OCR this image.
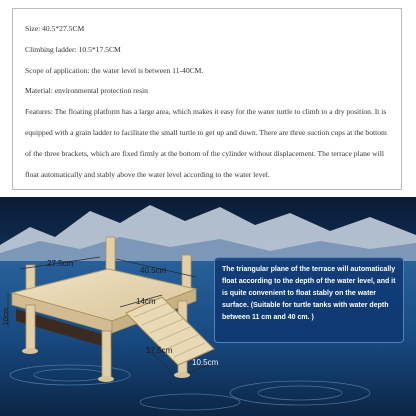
Size: 40.5*27.5CM
Climbing ladder: 10.5*17.5CM
Scope of application: the water level is between 11-40CM.
Material: environmental protection resin

Features: The floating platform has a large area, which makes it easy for the water turtle to climb to a dry position. It is equipped with a grain ladder to facilitate the small turtle to get up and down. There are three suction cups at the bottom of the three brackets, which are fixed firmly at the bottom of the cylinder without displacement. The terrace plane will float automatically and stably above the water level according to the water level.

27.5cm
40.5cm
14cm
17.5cm
10.5cm
10cm
The triangular plane of the terrace will automatically float according to the depth of the water level, and it is quite convenient to float stably on the water surface. (Suitable for turtle tanks with water depth between 11 cm and 40 cm. )
